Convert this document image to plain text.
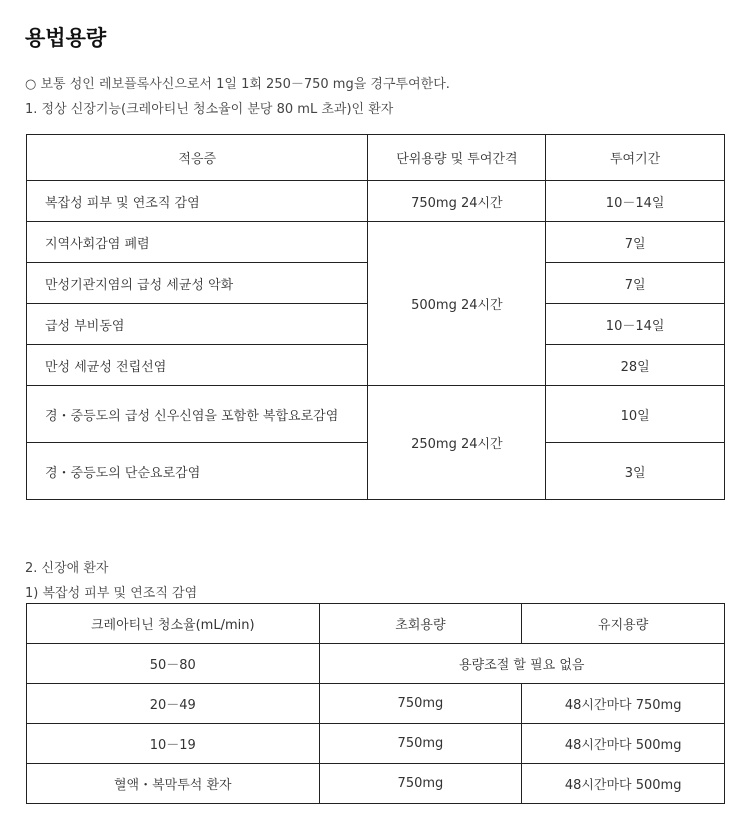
용법용량
○ 보통 성인 레보플록사신으로서 1일 1회 250－750 mg을 경구투여한다.
1. 정상 신장기능(크레아티닌 청소율이 분당 80 mL 초과)인 환자
적응증	단위용량 및 투여간격	투여기간
복잡성 피부 및 연조직 감염	750mg 24시간	10－14일
지역사회감염 폐렴	500mg 24시간	7일
만성기관지염의 급성 세균성 악화		7일
급성 부비동염		10－14일
만성 세균성 전립선염		28일
경・중등도의 급성 신우신염을 포함한 복합요로감염	250mg 24시간	10일
경・중등도의 단순요로감염		3일
2. 신장애 환자
1) 복잡성 피부 및 연조직 감염
크레아티닌 청소율(mL/min)	초회용량	유지용량
50－80	용량조절 할 필요 없음	
20－49	750mg	48시간마다 750mg
10－19	750mg	48시간마다 500mg
혈액・복막투석 환자	750mg	48시간마다 500mg
